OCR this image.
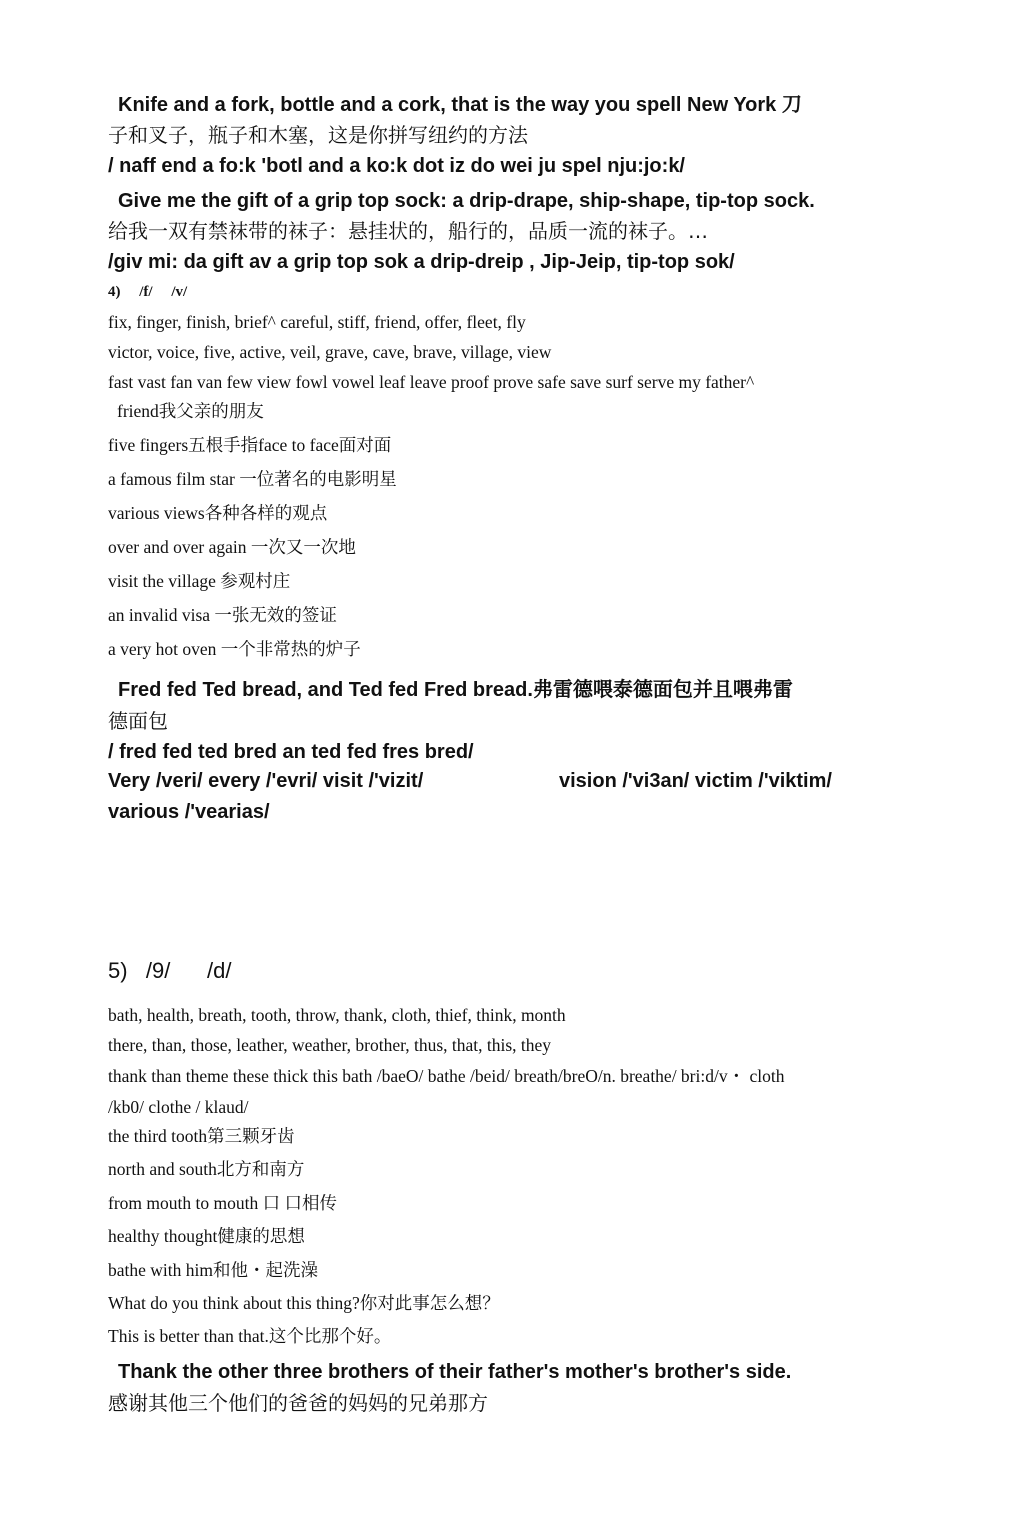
Knife and a fork, bottle and a cork, that is the way you spell New York 刀
子和叉子，瓶子和木塞，这是你拼写纽约的方法
/ naff end a fo:k 'botl and a ko:k dot iz do wei ju spel nju:jo:k/
Give me the gift of a grip top sock: a drip-drape, ship-shape, tip-top sock.
给我一双有禁袜带的袜子：悬挂状的，船行的，品质一流的袜子。…
/giv mi: da gift av a grip top sok a drip-dreip , Jip-Jeip, tip-top sok/
4)     /f/     /v/
fix, finger, finish, brief^ careful, stiff, friend, offer, fleet, fly
victor, voice, five, active, veil, grave, cave, brave, village, view
fast vast fan van few view fowl vowel leaf leave proof prove safe save surf serve my father^
friend我父亲的朋友
five fingers五根手指face to face面对面
a famous film star 一位著名的电影明星
various views各种各样的观点
over and over again 一次又一次地
visit the village 参观村庄
an invalid visa 一张无效的签证
a very hot oven 一个非常热的炉子
Fred fed Ted bread, and Ted fed Fred bread.弗雷德喂泰德面包并且喂弗雷
德面包
/ fred fed ted bred an ted fed fres bred/
Very /veri/ every /'evri/ visit /'vizit/	vision /'vi3an/ victim /'viktim/
various /'vearias/
5)   /9/      /d/
bath, health, breath, tooth, throw, thank, cloth, thief, think, month
there, than, those, leather, weather, brother, thus, that, this, they
thank than theme these thick this bath /baeO/ bathe /beid/ breath/breO/n. breathe/ bri:d/v・ cloth
/kb0/ clothe / klaud/
the third tooth第三颗牙齿
north and south北方和南方
from mouth to mouth 口 口相传
healthy thought健康的思想
bathe with him和他・起洗澡
What do you think about this thing?你对此事怎么想？
This is better than that.这个比那个好。
Thank the other three brothers of their father's mother's brother's side.
感谢其他三个他们的爸爸的妈妈的兄弟那方
